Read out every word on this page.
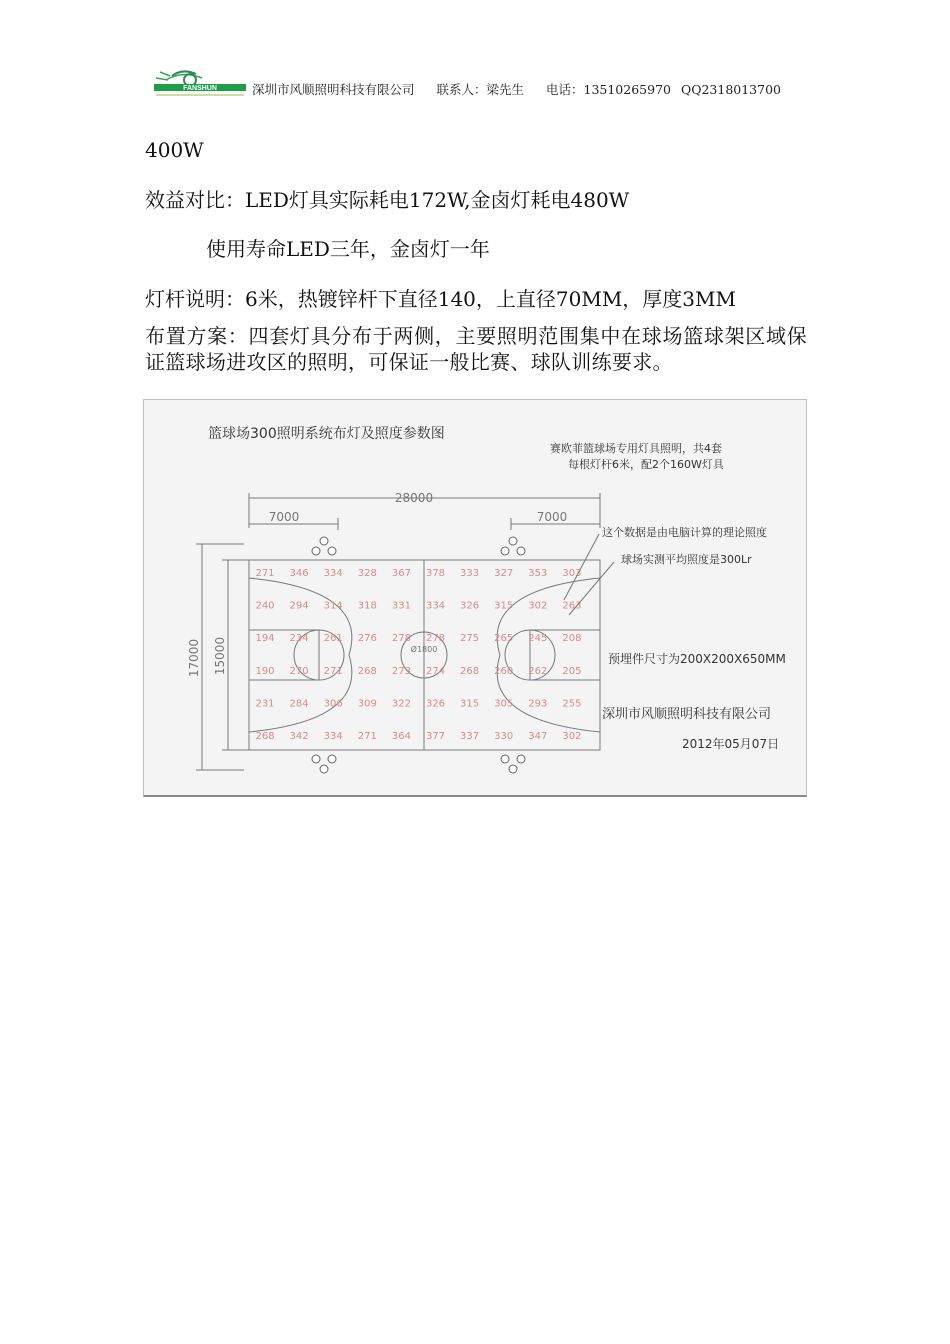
FANSHUN	深圳市风顺照明科技有限公司 联系人：梁先生 电话：13510265970 QQ2318013700
400W
效益对比：LED灯具实际耗电172W,金卤灯耗电480W
使用寿命LED三年，金卤灯一年
灯杆说明：6米，热镀锌杆下直径140，上直径70MM，厚度3MM
布置方案：四套灯具分布于两侧，主要照明范围集中在球场篮球架区域保证篮球场进攻区的照明，可保证一般比赛、球队训练要求。
篮球场300照明系统布灯及照度参数图
赛欧菲篮球场专用灯具照明，共4套
每根灯杆6米，配2个160W灯具
28000
7000	7000
17000 15000	Ø1800
271 346 334 328 367 378 333 327 353 303
240 294 314 318 331 334 326 315 302 263
194 234 261 276 278 278 275 265 245 208
190 270 271 268 273 274 268 260 262 205
231 284 306 309 322 326 315 305 293 255
268 342 334 271 364 377 337 330 347 302
这个数据是由电脑计算的理论照度
球场实测平均照度是300Lr
预埋件尺寸为200X200X650MM
深圳市风顺照明科技有限公司
2012年05月07日
